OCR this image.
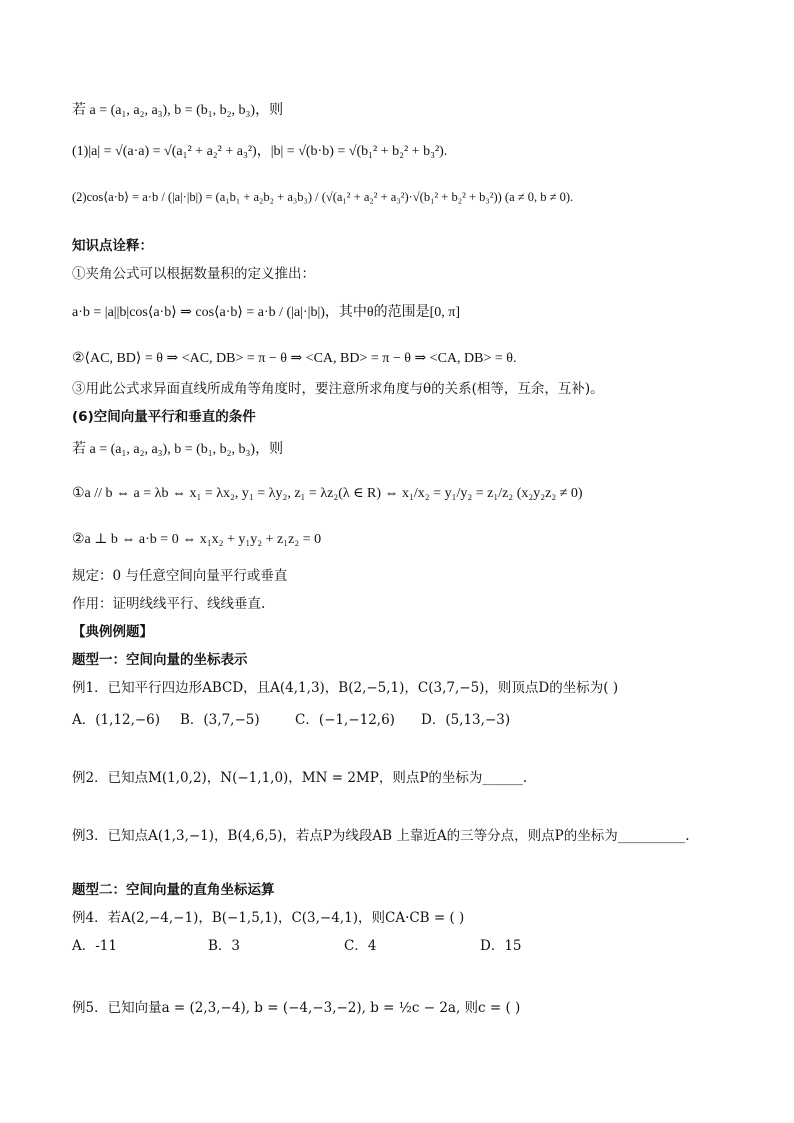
若 a = (a₁, a₂, a₃), b = (b₁, b₂, b₃)，则
(1)|a| = √(a·a) = √(a₁² + a₂² + a₃²)，|b| = √(b·b) = √(b₁² + b₂² + b₃²).
(2)cos⟨a·b⟩ = a·b / (|a|·|b|) = (a₁b₁ + a₂b₂ + a₃b₃) / (√(a₁² + a₂² + a₃²)·√(b₁² + b₂² + b₃²)) (a ≠ 0, b ≠ 0).
知识点诠释：
①夹角公式可以根据数量积的定义推出：
a·b = |a||b|cos⟨a·b⟩ ⇒ cos⟨a·b⟩ = a·b / (|a|·|b|)，其中θ的范围是[0, π]
②⟨AC, BD⟩ = θ ⇒ <AC, DB> = π − θ ⇒ <CA, BD> = π − θ ⇒ <CA, DB> = θ.
③用此公式求异面直线所成角等角度时，要注意所求角度与θ的关系(相等，互余，互补)。
(6)空间向量平行和垂直的条件
若 a = (a₁, a₂, a₃), b = (b₁, b₂, b₃)，则
①a // b ⇔ a = λb ⇔ x₁ = λx₂, y₁ = λy₂, z₁ = λz₂(λ ∈ R) ⇔ x₁/x₂ = y₁/y₂ = z₁/z₂ (x₂y₂z₂ ≠ 0)
②a ⊥ b ⇔ a·b = 0 ⇔ x₁x₂ + y₁y₂ + z₁z₂ = 0
规定：0 与任意空间向量平行或垂直
作用：证明线线平行、线线垂直.
【典例例题】
题型一：空间向量的坐标表示
例1．已知平行四边形ABCD，且A(4,1,3)，B(2,−5,1)，C(3,7,−5)，则顶点D的坐标为( )
A．(1,12,−6) B．(3,7,−5)	C．(−1,−12,6) D．(5,13,−3)
例2．已知点M(1,0,2)，N(−1,1,0)，MN = 2MP，则点P的坐标为______.
例3．已知点A(1,3,−1)，B(4,6,5)，若点P为线段AB 上靠近A的三等分点，则点P的坐标为__________.
题型二：空间向量的直角坐标运算
例4．若A(2,−4,−1)，B(−1,5,1)，C(3,−4,1)，则CA·CB = ( )
A．-11	B．3	C．4	D．15
例5．已知向量a = (2,3,−4), b = (−4,−3,−2), b = ½c − 2a, 则c = ( )
